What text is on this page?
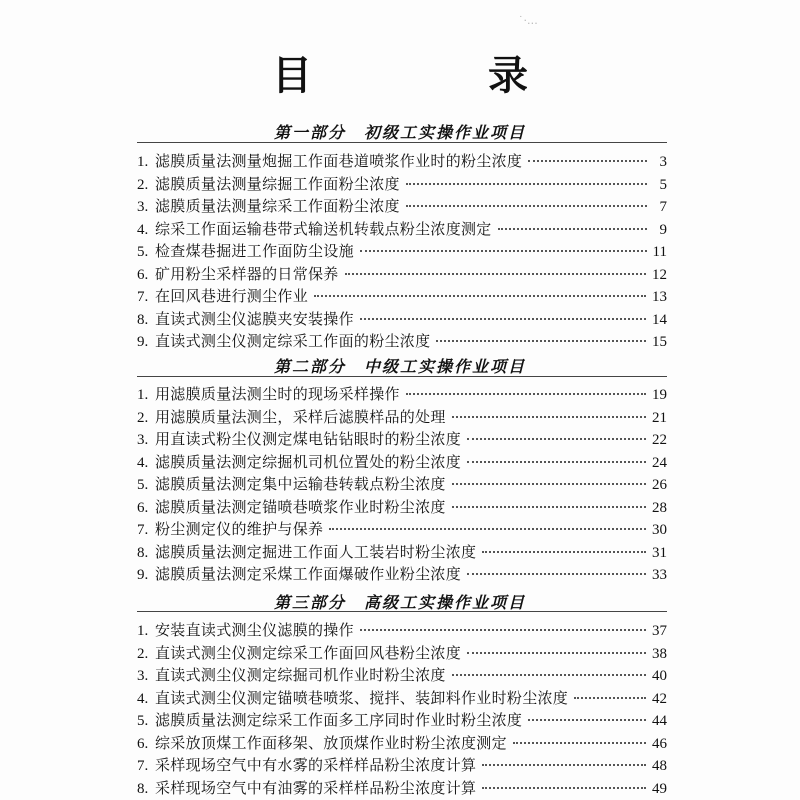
˙·.‥
目　录
第一部分 初级工实操作业项目
1. 滤膜质量法测量炮掘工作面巷道喷浆作业时的粉尘浓度	3
2. 滤膜质量法测量综掘工作面粉尘浓度	5
3. 滤膜质量法测量综采工作面粉尘浓度	7
4. 综采工作面运输巷带式输送机转载点粉尘浓度测定	9
5. 检查煤巷掘进工作面防尘设施	11
6. 矿用粉尘采样器的日常保养	12
7. 在回风巷进行测尘作业	13
8. 直读式测尘仪滤膜夹安装操作	14
9. 直读式测尘仪测定综采工作面的粉尘浓度	15
第二部分 中级工实操作业项目
1. 用滤膜质量法测尘时的现场采样操作	19
2. 用滤膜质量法测尘，采样后滤膜样品的处理	21
3. 用直读式粉尘仪测定煤电钻钻眼时的粉尘浓度	22
4. 滤膜质量法测定综掘机司机位置处的粉尘浓度	24
5. 滤膜质量法测定集中运输巷转载点粉尘浓度	26
6. 滤膜质量法测定锚喷巷喷浆作业时粉尘浓度	28
7. 粉尘测定仪的维护与保养	30
8. 滤膜质量法测定掘进工作面人工装岩时粉尘浓度	31
9. 滤膜质量法测定采煤工作面爆破作业粉尘浓度	33
第三部分 高级工实操作业项目
1. 安装直读式测尘仪滤膜的操作	37
2. 直读式测尘仪测定综采工作面回风巷粉尘浓度	38
3. 直读式测尘仪测定综掘司机作业时粉尘浓度	40
4. 直读式测尘仪测定锚喷巷喷浆、搅拌、装卸料作业时粉尘浓度	42
5. 滤膜质量法测定综采工作面多工序同时作业时粉尘浓度	44
6. 综采放顶煤工作面移架、放顶煤作业时粉尘浓度测定	46
7. 采样现场空气中有水雾的采样样品粉尘浓度计算	48
8. 采样现场空气中有油雾的采样样品粉尘浓度计算	49
